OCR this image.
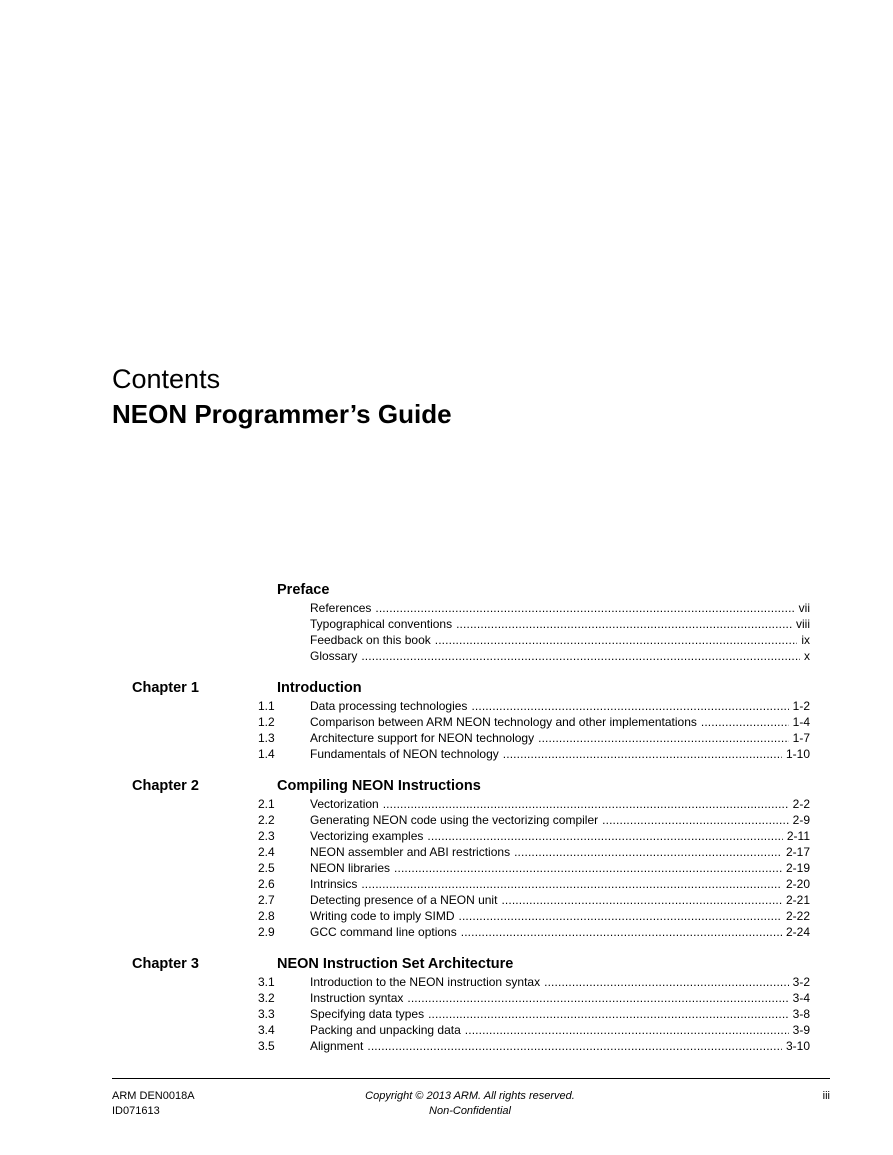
Contents
NEON Programmer’s Guide
Preface
References . . .	vii
Typographical conventions . . .	viii
Feedback on this book . . .	ix
Glossary . . .	x
Chapter 1	Introduction
1.1	Data processing technologies . . .	1-2
1.2	Comparison between ARM NEON technology and other implementations . . .	1-4
1.3	Architecture support for NEON technology . . .	1-7
1.4	Fundamentals of NEON technology . . .	1-10
Chapter 2	Compiling NEON Instructions
2.1	Vectorization . . .	2-2
2.2	Generating NEON code using the vectorizing compiler . . .	2-9
2.3	Vectorizing examples . . .	2-11
2.4	NEON assembler and ABI restrictions . . .	2-17
2.5	NEON libraries . . .	2-19
2.6	Intrinsics . . .	2-20
2.7	Detecting presence of a NEON unit . . .	2-21
2.8	Writing code to imply SIMD . . .	2-22
2.9	GCC command line options . . .	2-24
Chapter 3	NEON Instruction Set Architecture
3.1	Introduction to the NEON instruction syntax . . .	3-2
3.2	Instruction syntax . . .	3-4
3.3	Specifying data types . . .	3-8
3.4	Packing and unpacking data . . .	3-9
3.5	Alignment . . .	3-10
ARM DEN0018A
ID071613
Copyright © 2013 ARM. All rights reserved.
Non-Confidential
iii
